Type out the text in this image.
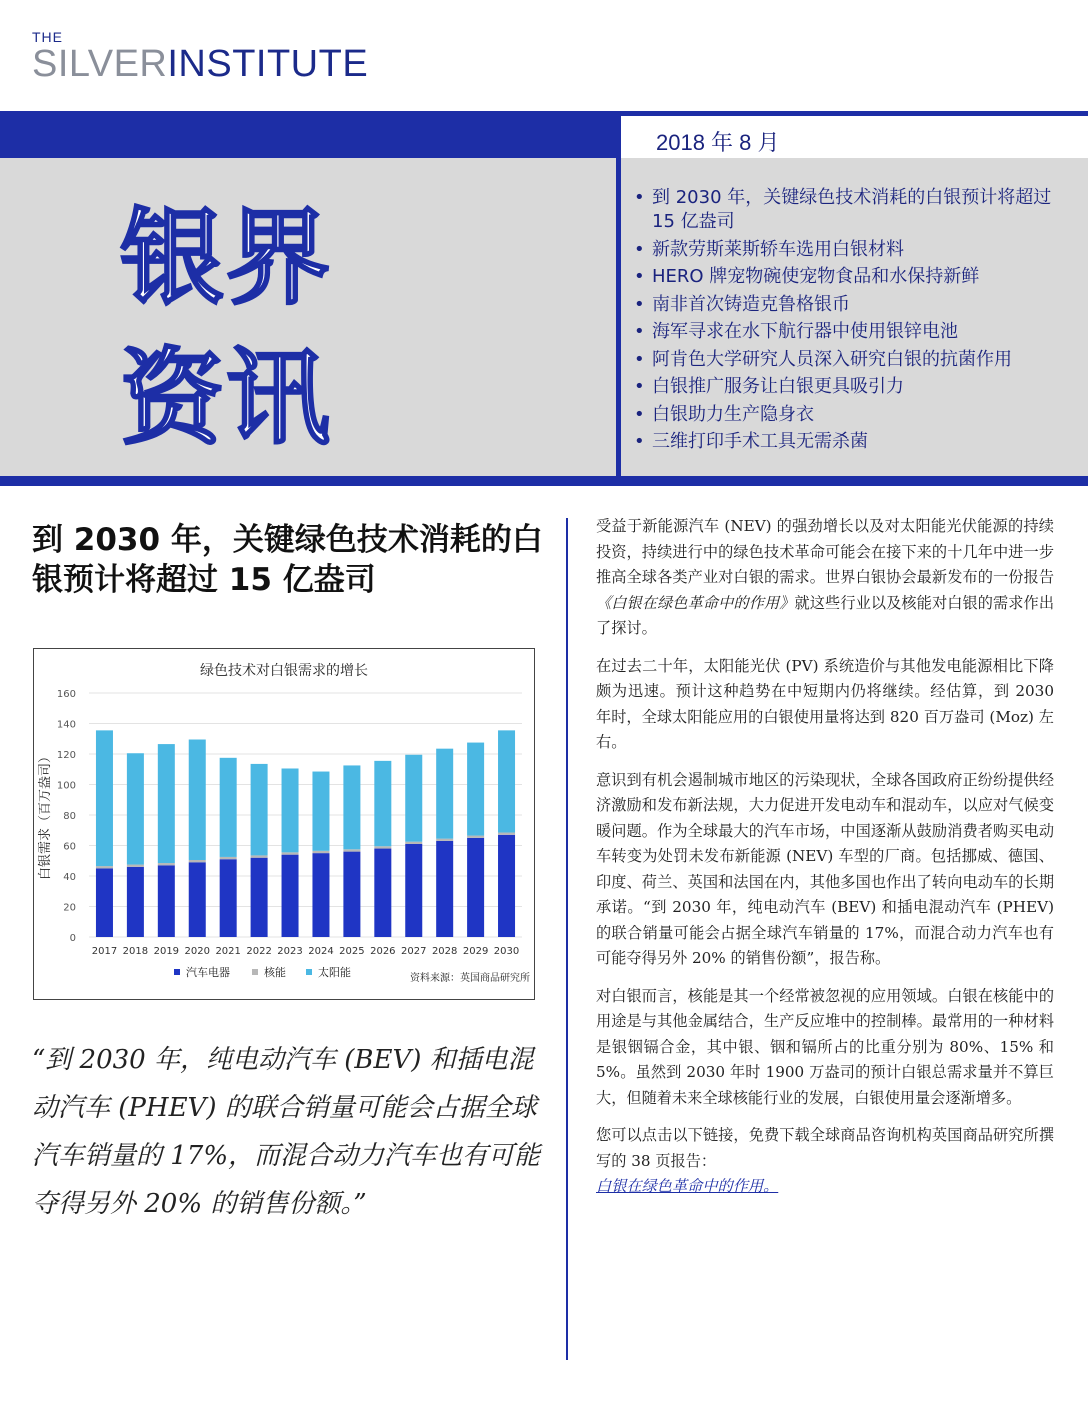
THE
SILVERINSTITUTE
2018 年 8 月
银界
资讯
• 到 2030 年，关键绿色技术消耗的白银预计将超过 15 亿盎司
• 新款劳斯莱斯轿车选用白银材料
• HERO 牌宠物碗使宠物食品和水保持新鲜
• 南非首次铸造克鲁格银币
• 海军寻求在水下航行器中使用银锌电池
• 阿肯色大学研究人员深入研究白银的抗菌作用
• 白银推广服务让白银更具吸引力
• 白银助力生产隐身衣
• 三维打印手术工具无需杀菌
到 2030 年，关键绿色技术消耗的白银预计将超过 15 亿盎司
绿色技术对白银需求的增长
0
20
40
60
80
100
120
140
160
白银需求（百万盎司）
2017 2018 2019 2020 2021 2022 2023 2024 2025 2026 2027 2028 2029 2030
汽车电器	核能	太阳能	资料来源：英国商品研究所
“到 2030 年，纯电动汽车 (BEV) 和插电混动汽车 (PHEV) 的联合销量可能会占据全球汽车销量的 17%，而混合动力汽车也有可能夺得另外 20% 的销售份额。”

受益于新能源汽车 (NEV) 的强劲增长以及对太阳能光伏能源的持续投资，持续进行中的绿色技术革命可能会在接下来的十几年中进一步推高全球各类产业对白银的需求。世界白银协会最新发布的一份报告《白银在绿色革命中的作用》就这些行业以及核能对白银的需求作出了探讨。

在过去二十年，太阳能光伏 (PV) 系统造价与其他发电能源相比下降颇为迅速。预计这种趋势在中短期内仍将继续。经估算，到 2030 年时，全球太阳能应用的白银使用量将达到 820 百万盎司 (Moz) 左右。

意识到有机会遏制城市地区的污染现状，全球各国政府正纷纷提供经济激励和发布新法规，大力促进开发电动车和混动车，以应对气候变暖问题。作为全球最大的汽车市场，中国逐渐从鼓励消费者购买电动车转变为处罚未发布新能源 (NEV) 车型的厂商。包括挪威、德国、印度、荷兰、英国和法国在内，其他多国也作出了转向电动车的长期承诺。“到 2030 年，纯电动汽车 (BEV) 和插电混动汽车 (PHEV) 的联合销量可能会占据全球汽车销量的 17%，而混合动力汽车也有可能夺得另外 20% 的销售份额”，报告称。

对白银而言，核能是其一个经常被忽视的应用领域。白银在核能中的用途是与其他金属结合，生产反应堆中的控制棒。最常用的一种材料是银铟镉合金，其中银、铟和镉所占的比重分别为 80%、15% 和 5%。虽然到 2030 年时 1900 万盎司的预计白银总需求量并不算巨大，但随着未来全球核能行业的发展，白银使用量会逐渐增多。

您可以点击以下链接，免费下载全球商品咨询机构英国商品研究所撰写的 38 页报告：
白银在绿色革命中的作用。
